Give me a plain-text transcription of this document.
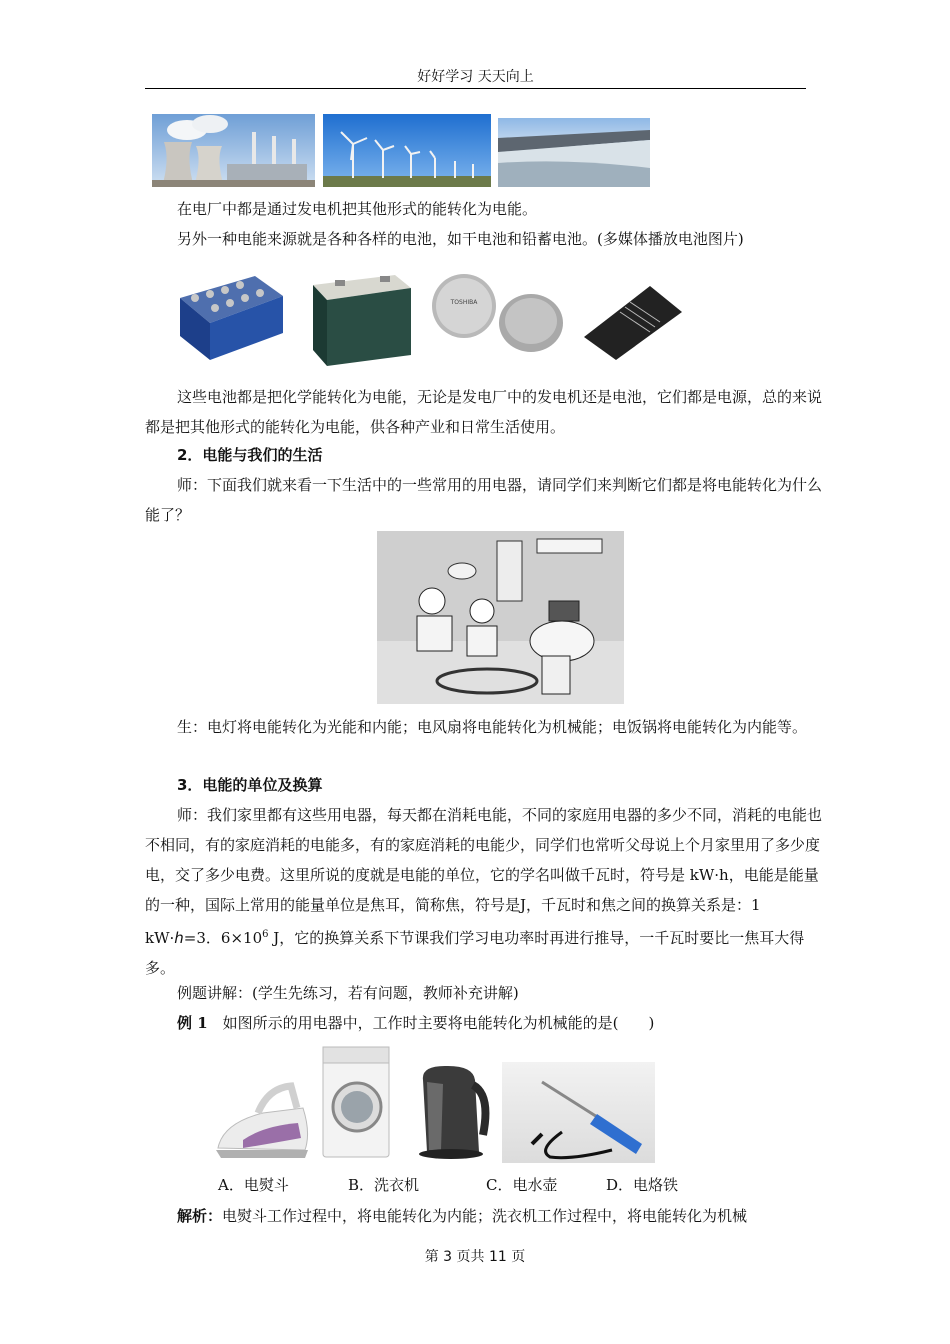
好好学习 天天向上

在电厂中都是通过发电机把其他形式的能转化为电能。

另外一种电能来源就是各种各样的电池，如干电池和铅蓄电池。(多媒体播放电池图片)

TOSHIBA

这些电池都是把化学能转化为电能，无论是发电厂中的发电机还是电池，它们都是电源，总的来说都是把其他形式的能转化为电能，供各种产业和日常生活使用。

2．电能与我们的生活

师：下面我们就来看一下生活中的一些常用的用电器，请同学们来判断它们都是将电能转化为什么能了？

生：电灯将电能转化为光能和内能；电风扇将电能转化为机械能；电饭锅将电能转化为内能等。

3．电能的单位及换算

师：我们家里都有这些用电器，每天都在消耗电能，不同的家庭用电器的多少不同，消耗的电能也不相同，有的家庭消耗的电能多，有的家庭消耗的电能少，同学们也常听父母说上个月家里用了多少度电，交了多少电费。这里所说的度就是电能的单位，它的学名叫做千瓦时，符号是 kW·h，电能是能量的一种，国际上常用的能量单位是焦耳，简称焦，符号是J，千瓦时和焦之间的换算关系是：1 kW·h=3．$6\times 10^6$ J，它的换算关系下节课我们学习电功率时再进行推导，一千瓦时要比一焦耳大得多。

例题讲解：(学生先练习，若有问题，教师补充讲解)

例 1　如图所示的用电器中，工作时主要将电能转化为机械能的是(　　)

A．电熨斗	B．洗衣机	C．电水壶	D．电烙铁

解析：电熨斗工作过程中，将电能转化为内能；洗衣机工作过程中，将电能转化为机械

第 3 页共 11 页
